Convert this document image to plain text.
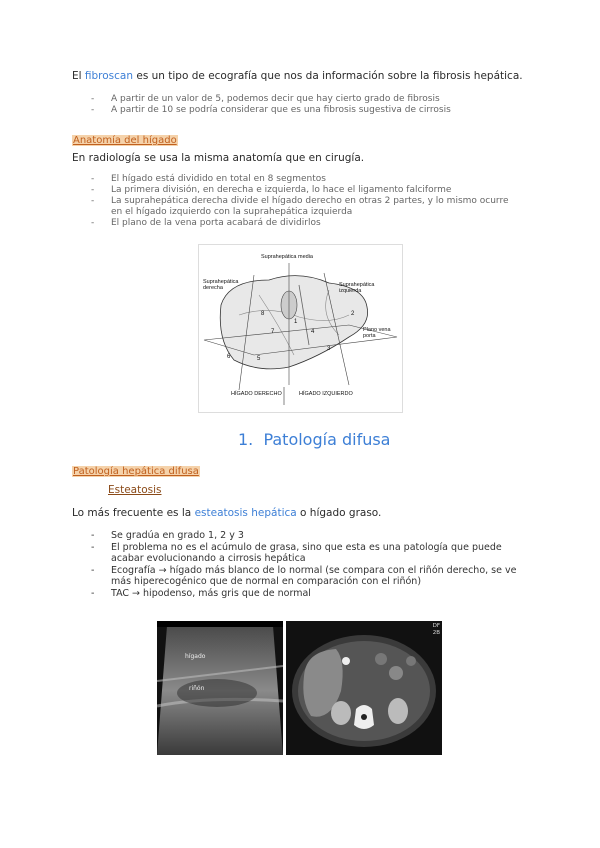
El fibroscan es un tipo de ecografía que nos da información sobre la fibrosis hepática.
- A partir de un valor de 5, podemos decir que hay cierto grado de fibrosis
- A partir de 10 se podría considerar que es una fibrosis sugestiva de cirrosis
Anatomía del hígado
En radiología se usa la misma anatomía que en cirugía.
- El hígado está dividido en total en 8 segmentos
- La primera división, en derecha e izquierda, lo hace el ligamento falciforme
- La suprahepática derecha divide el hígado derecho en otras 2 partes, y lo mismo ocurre en el hígado izquierdo con la suprahepática izquierda
- El plano de la vena porta acabará de dividirlos
8
7	4
2
3
5
6
1
Suprahepática media
Suprahepática derecha	Suprahepática izquierda
Plano vena porta
HÍGADO DERECHO	HÍGADO IZQUIERDO
1. Patología difusa
Patología hepática difusa
Esteatosis
Lo más frecuente es la esteatosis hepática o hígado graso.
- Se gradúa en grado 1, 2 y 3
- El problema no es el acúmulo de grasa, sino que esta es una patología que puede acabar evolucionando a cirrosis hepática
- Ecografía → hígado más blanco de lo normal (se compara con el riñón derecho, se ve más hiperecogénico que de normal en comparación con el riñón)
- TAC → hipodenso, más gris que de normal
hígado
riñón
DF
2B
